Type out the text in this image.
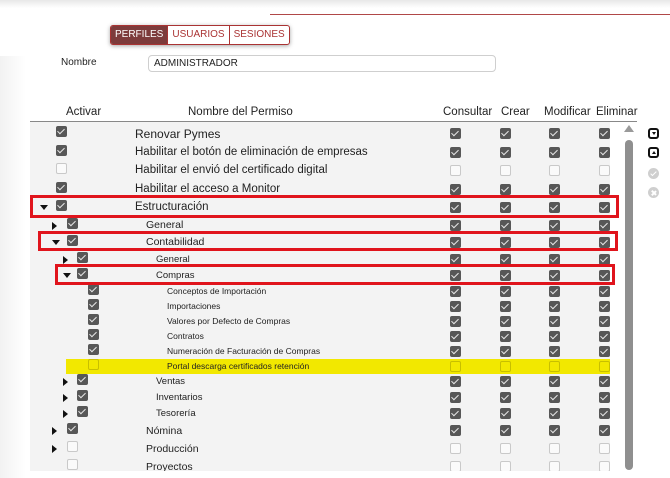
PERFILES USUARIOS SESIONES
Nombre
ADMINISTRADOR
Activar	Nombre del Permiso	Consultar Crear Modificar Eliminar
Renovar Pymes
Habilitar el botón de eliminación de empresas
Habilitar el envió del certificado digital
Habilitar el acceso a Monitor
Estructuración
General
Contabilidad
General
Compras
Conceptos de Importación
Importaciones
Valores por Defecto de Compras
Contratos
Numeración de Facturación de Compras
Portal descarga certificados retención
Ventas
Inventarios
Tesorería
Nómina
Producción
Proyectos
